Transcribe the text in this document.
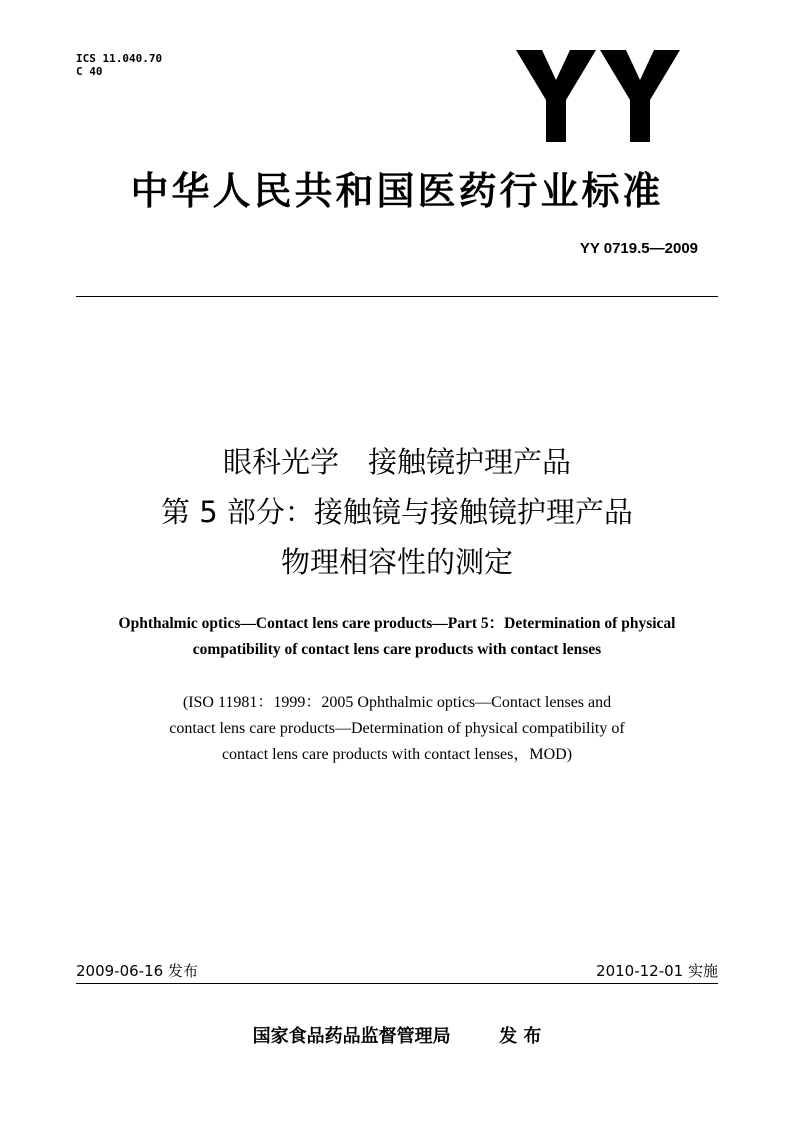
ICS 11.040.70
C 40
中华人民共和国医药行业标准
YY 0719.5—2009
眼科光学　接触镜护理产品
第 5 部分：接触镜与接触镜护理产品
物理相容性的测定
Ophthalmic optics—Contact lens care products—Part 5：Determination of physical
compatibility of contact lens care products with contact lenses
(ISO 11981：1999：2005 Ophthalmic optics—Contact lenses and
contact lens care products—Determination of physical compatibility of
contact lens care products with contact lenses，MOD)
2009-06-16 发布	2010-12-01 实施
国家食品药品监督管理局	发 布
